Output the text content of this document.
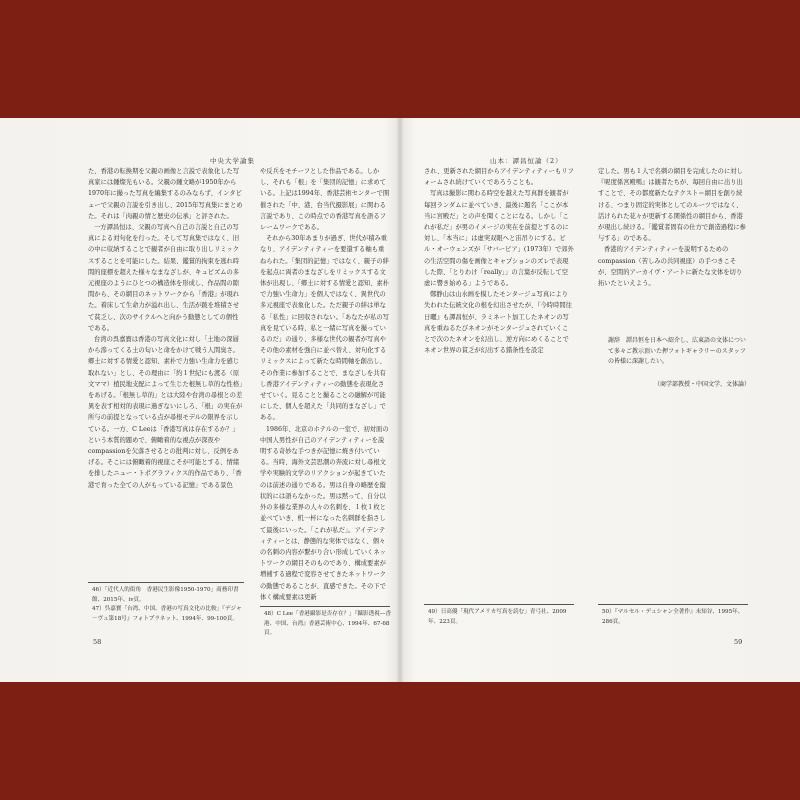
中央大学論集	山本：譚昌恒論（2）

た、香港の転換期を父親の画像と言説で表象化した写真家には鍾燦光もいる。父親の鍾文略が1950年から1970年に撮った写真を編集するのみならず、インタビューで父親の言説を引き出し、2015年写真集にまとめた。それは「肉親の情と歴史の伝承」と評された。

一方譚昌恒は、父親の写真へ自己の言説と自己の写真による対句化を行った。そして写真集ではなく、旧の中に収納することで観者が自由に取り出しリミックスすることを可能にした。結果、鑑賞的拘束を逃れ時間的座標を超えた様々なまなざしが、キュビズムの多元視座のようにひとつの構造体を形成し、作品間の隙間から、その網目のネットワークから「香港」が現れた。着床して生命力が溢れ出し、生活が跛を堆積させて貧乏し、次のサイクルへと向かう動態としての個性である。

台湾の呉嘉寶は香港の写真文化に対し「土地の深層から滲ってくる土の匂いと命をかけて戦う人間臭さ。郷土に対する情愛と認知、素朴で力強い生命力を感じ取れない」とし、その理由に「約１世紀にも渡る（原文ママ）植民地支配によって生じた根無し草的な性格」をあげる。「根無し草的」とは大陸や台湾の尋根との差異を表す相対的表現に過ぎないにしろ、「根」の実在が所与の前提となっている点が尋根モデルの限界を示している。一方、C Leeは「香港写真は存在するか？」という本質的題めで、俯瞰着的な視点が深夜やcompassionを欠落させるとの批判に対し、反例をあげる。そこには俯瞰着的視座こそが可能とする、情緒を排したニュー・トポグラフィクス的作品であり、「香港で育った全ての人がもっている記憶」である景色

や反兵をモチーフとした作品である。しかし、それも「根」を「集団的記憶」に求めている。上記は1994年、香港芸術センターで開催された「中、港、台当代摄影展」に関わる言説であり、この時点での香港写真を語るフレームワークである。

それから30年あまりが過ぎ、世代が積み重なり、アイデンティティーを要還する軸も重ねられた。「集団的記憶」ではなく、親子の絆を起点に両者のまなざしをリミックスする文体が出現し、「郷土に対する情愛と認知、素朴で力強い生命力」を個人ではなく、異世代の多元視座で表象化した。ただ親子の絆は単なる「私性」に回収されない。「あなたが私の写真を見ている時、私と一緒に写真を撮っているのだ」の通り、多様な世代の観者が写真やその他の素材を強自に並べ替え、対句化するリミックスによって新たな時間軸を創出し、その作業に参加することで、まなざしを共有し香港アイデンティティーの動態を表現化させていく。見ることと撮ることの融解が可能にした、個人を超えた「共同的まなざし」である。

1986年、北京のホテルの一室で、初対面の中国人男性が自己のアイデンティティーを説明する奇妙な手つきが記憶に焼き付いている。当時、海外文芸思潮の奔流に対し尋根文学や実験的文学のリアクションが起きていたのは前述の通りである。男は自身の略歴を縦状的には語らなかった。男は黙って、自分以外の多様な業界の人々の名刺を、１枚１枚と並べていき、机一杯になった名刺群を指さして最後にいった。「これが私だ」。アイデンティティーとは、静態的な実体ではなく、個々の名刺の内容が繋がり合い形成していくネットワークの網目そのものであり、構成要素が増補する過程で変容させてきたネットワークの動態であることが、直感できた。その下で体く構成要素は更新

され、更新された網目からアイデンティティーもリフォームされ続けていくであろうことも。

写真は撮影に関わる時空を越えた写真群を観者が毎回ランダムに並べていき、最後に題名「ここが本当に宮殿だ」との声を聞くことになる。しかし「これが私だ」が男のイメージの実在を前提とするのに対し、「本当に」は虚実双眼へと宙吊りにする。ビル・オーウェンズが「サバービア」(1973年）で郊外の生活空間の傷を画像とキャプションのズレで表現した際、「とりわけ「really」」の言葉が反転して空虚に響き始める」ようである。

鄭静山は山水画を模したモンタージュ写真により失われた伝統文化の根を幻出させたが、『今時時間往日曬』も譚昌恒が、ラミネート加工したネオンの写真を重ねるたびネオンがモンタージュされていくことで次のたネオンを幻出し、逆方向にめくることでネオン世界の貧乏が幻出する錯条性を設定

定した。男も１人で名刺の網目を完成したのに対し『呢度係宮殿嗎』は観者たちが、毎回自由に出り出すことで、その都度新たなテクスト＝網目を創り続ける、つまり固定的実体としてのルーツではなく、活けられた花々が更新する関係性の網目から、香港が現出し続ける。「鑑賞者固有の仕方で創造過程に参与する」のである。

香港的アイデンティティーを説明するためのcompassion（苦しみの共同視座）の手つきこそが、空間的アーカイヴ・アートに新たな文体を切り拓いたといえよう。

謝辞　譚昌恒を日本へ紹介し、広東語の文体について多々ご教示頂いた押フォトギャラリーのスタッフの皆様に深謝したい。
（商学部教授・中国文学、文体論）
46）「近代人的街角　香港民生影像1950-1970」商務印書館、2015年、iv頁。
47）呉嘉寶「台湾、中国、香港の写真文化の比較」『デジャ－ヴュ第18号』フォトプラネット、1994年、99-100頁。
48）C Lee「香港攝影是否存在？」『攝影透視—香港、中国、台湾』香港芸術中心、1994年、67-68頁。
49）日高優「現代アメリカ写真を読む」青弓社、2009年、223頁。
50）『マルセル・デュシャン全著作』未知谷、1995年、286頁。
58	59
